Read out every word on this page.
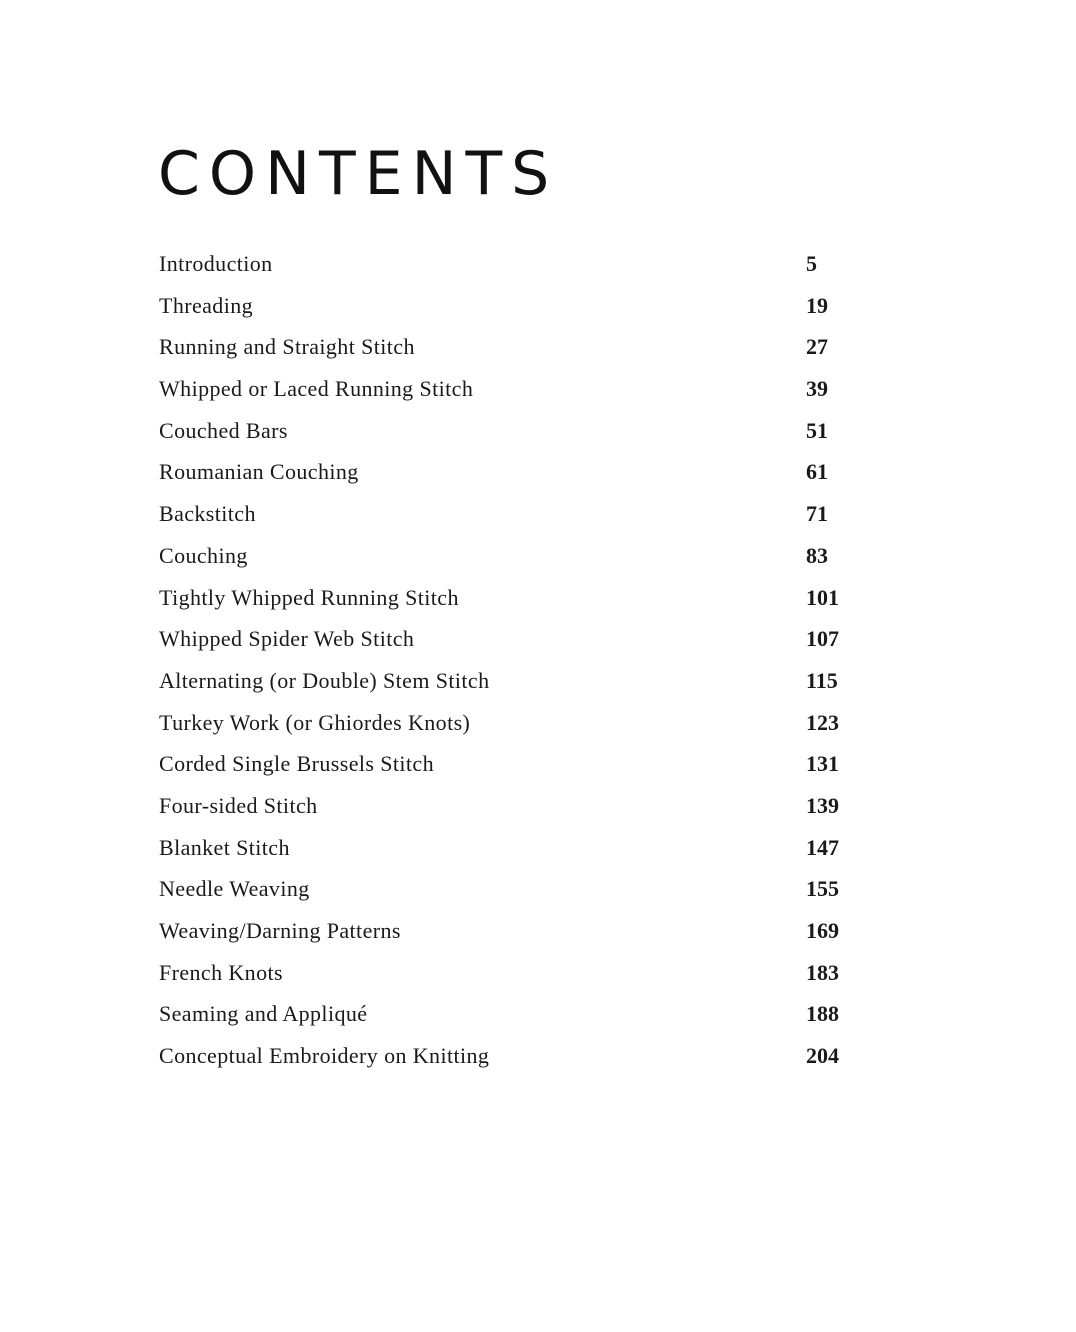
CONTENTS
Introduction	5
Threading	19
Running and Straight Stitch	27
Whipped or Laced Running Stitch	39
Couched Bars	51
Roumanian Couching	61
Backstitch	71
Couching	83
Tightly Whipped Running Stitch	101
Whipped Spider Web Stitch	107
Alternating (or Double) Stem Stitch	115
Turkey Work (or Ghiordes Knots)	123
Corded Single Brussels Stitch	131
Four-sided Stitch	139
Blanket Stitch	147
Needle Weaving	155
Weaving/Darning Patterns	169
French Knots	183
Seaming and Appliqué	188
Conceptual Embroidery on Knitting	204
